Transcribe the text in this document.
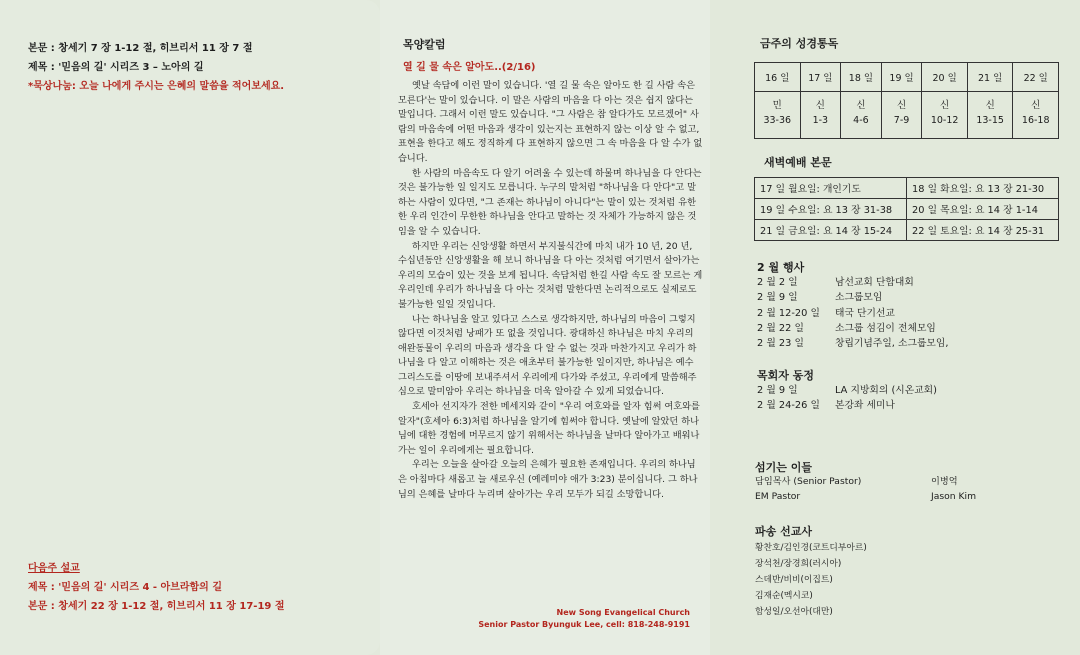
본문 : 창세기 7 장 1-12 절, 히브리서 11 장 7 절
제목 : '믿음의 길' 시리즈 3 – 노아의 길
*묵상나눔: 오늘 나에게 주시는 은혜의 말씀을 적어보세요.
다음주 설교
제목 : '믿음의 길' 시리즈 4 - 아브라함의 길
본문 : 창세기 22 장 1-12 절, 히브리서 11 장 17-19 절
목양칼럼
열 길 물 속은 알아도..(2/16)

옛날 속담에 이런 말이 있습니다. '열 길 물 속은 알아도 한 길 사람 속은 모른다'는 말이 있습니다. 이 말은 사람의 마음을 다 아는 것은 쉽지 않다는 말입니다. 그래서 이런 말도 있습니다. "그 사람은 참 알다가도 모르겠어" 사람의 마음속에 어떤 마음과 생각이 있는지는 표현하지 않는 이상 알 수 없고, 표현을 한다고 해도 정직하게 다 표현하지 않으면 그 속 마음을 다 알 수가 없습니다.

한 사람의 마음속도 다 알기 어려울 수 있는데 하물며 하나님을 다 안다는 것은 불가능한 일 일지도 모릅니다. 누구의 말처럼 "하나님을 다 안다"고 말하는 사람이 있다면, "그 존재는 하나님이 아니다"는 말이 있는 것처럼 유한한 우리 인간이 무한한 하나님을 안다고 말하는 것 자체가 가능하지 않은 것임을 알 수 있습니다.

하지만 우리는 신앙생활 하면서 부지불식간에 마치 내가 10 년, 20 년, 수십년동안 신앙생활을 해 보니 하나님을 다 아는 것처럼 여기면서 살아가는 우리의 모습이 있는 것을 보게 됩니다. 속담처럼 한길 사람 속도 잘 모르는 게 우리인데 우리가 하나님을 다 아는 것처럼 말한다면 논리적으로도 실제로도 불가능한 일일 것입니다.

나는 하나님을 알고 있다고 스스로 생각하지만, 하나님의 마음이 그렇지 않다면 이것처럼 낭패가 또 없을 것입니다. 광대하신 하나님은 마치 우리의 애완동물이 우리의 마음과 생각을 다 알 수 없는 것과 마찬가지고 우리가 하나님을 다 알고 이해하는 것은 애초부터 불가능한 일이지만, 하나님은 예수 그리스도를 이땅에 보내주셔서 우리에게 다가와 주셨고, 우리에게 말씀해주심으로 말미암아 우리는 하나님을 더욱 알아갈 수 있게 되었습니다.

호세아 선지자가 전한 메세지와 같이 "우리 여호와를 알자 힘써 여호와를 알자"(호세아 6:3)처럼 하나님을 알기에 힘써야 합니다. 옛날에 알았던 하나님에 대한 경험에 머무르지 않기 위해서는 하나님을 날마다 알아가고 배워나가는 일이 우리에게는 필요합니다.

우리는 오늘을 살아갈 오늘의 은혜가 필요한 존재입니다. 우리의 하나님은 아침마다 새롭고 늘 새로우신 (예레미야 애가 3:23) 분이십니다. 그 하나님의 은혜를 날마다 누리며 살아가는 우리 모두가 되길 소망합니다.

New Song Evangelical Church
Senior Pastor Byunguk Lee, cell: 818-248-9191
금주의 성경통독
16 일	17 일	18 일	19 일	20 일	21 일	22 일
민	신	신	신	신	신	신
33-36	1-3	4-6	7-9	10-12	13-15	16-18
새벽예배 본문
17 일 월요일: 개인기도	18 일 화요일: 요 13 장 21-30
19 일 수요일: 요 13 장 31-38	20 일 목요일: 요 14 장 1-14
21 일 금요일: 요 14 장 15-24	22 일 토요일: 요 14 장 25-31
2 월 행사
2 월 2 일	남선교회 단합대회
2 월 9 일	소그룹모임
2 월 12-20 일 태국 단기선교
2 월 22 일	소그룹 섬김이 전체모임
2 월 23 일	창립기념주일, 소그룹모임,
목회자 동정
2 월 9 일	LA 지방회의 (시온교회)
2 월 24-26 일 본강좌 세미나
섬기는 이들
담임목사 (Senior Pastor)	이병억
EM Pastor	Jason Kim
파송 선교사
황찬호/김인경(코트디부아르)
장석천/장경희(러시아)
스데반/비비(이집트)
김재순(멕시코)
함성일/오선아(대만)
